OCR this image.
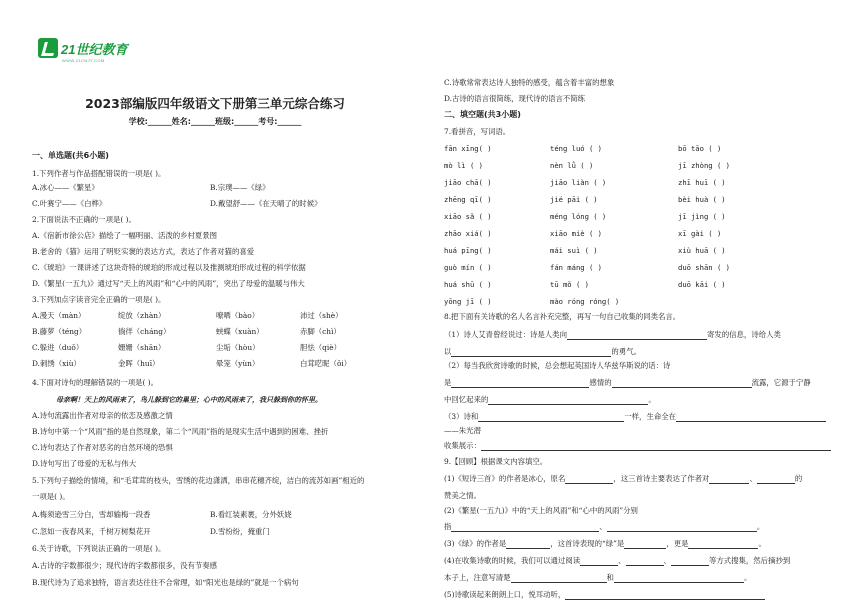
21世纪教育
WWW.21CNJY.COM
2023部编版四年级语文下册第三单元综合练习
学校:______姓名:______班级:______考号:______
一、单选题(共6小题)
1.下列作者与作品搭配错误的一项是( )。
A.冰心——《繁星》	B.宗璞——《绿》
C.叶赛宁——《白桦》	D.戴望舒——《在天晴了的时候》
2.下面说法不正确的一项是( )。
A.《宿新市徐公店》描绘了一幅明丽、活泼的乡村夏景图
B.老舍的《猫》运用了明贬实褒的表达方式，表达了作者对猫的喜爱
C.《琥珀》一课讲述了这块奇特的琥珀的形成过程以及推测琥珀形成过程的科学依据
D.《繁星(一五九)》通过写“天上的风雨”和“心中的风雨”，突出了母爱的温暖与伟大
3.下列加点字读音完全正确的一项是( )。
A.漫天（màn）	绽放（zhàn）	嘹哂（bào）	沛过（shè）
B.藤萝（téng）	徜徉（cháng）	蛱蝶（xuàn）	赤脚（chì）
C.躲进（duǒ）	姗姗（shān）	尘垢（hòu）	胆怯（qiè）
D.刺绣（xiù）	金晖（huī）	晕笼（yùn）	白茸呓昵（ǒi）
4.下面对诗句的理解错误的一项是( )。
母亲啊！天上的风雨来了，鸟儿躲到它的巢里；心中的风雨来了，我只躲到你的怀里。
A.诗句流露出作者对母亲的依恋及感激之情
B.诗句中第一个“风雨”指的是自然现象，第二个“风雨”指的是现实生活中遇到的困难、挫折
C.诗句表达了作者对恶劣的自然环境的恐惧
D.诗句写出了母爱的无私与伟大
5.下列句子描绘的情境，和“毛茸茸的枝头，雪绣的花边潇洒，串串花穗齐绽，洁白的流苏如画”相近的
一项是( )。
A.梅须逊雪三分白，雪却输梅一段香	B.看红装素裹，分外妖娆
C.忽如一夜春风来，千树万树梨花开	D.雪纷纷，掩重门
6.关于诗歌，下列说法正确的一项是( )。
A.古诗的字数都很少；现代诗的字数都很多，没有节奏感
B.现代诗为了追求独特，语言表达往往不合常理，如“阳光也是绿的”就是一个病句
C.诗歌常常表达诗人独特的感受，蕴含着丰富的想象
D.古诗的语言很简练，现代诗的语言不简练
二、填空题(共3小题)
7.看拼音，写词语。
fān xīng( )	téng luó ( )	bō tāo ( )
mò lì ( )	nèn lǜ ( )	jī zhòng ( )
jiāo chā( )	jiāo liàn ( )	zhī huī ( )
zhēng qī( )	jié pāi ( )	bèi huà ( )
xiāo sǎ ( )	méng lóng ( )	jī jìng ( )
zhāo xiá( )	xiāo miè ( )	xī gài ( )
huá pīng( )	mái suì ( )	xiù huā ( )
guò mín ( )	fán máng ( )	duō shān ( )
huá shū ( )	tū mǒ ( )	duō kāi ( )
yōng jī ( )	mào róng róng( )
8.把下面有关诗歌的名人名言补充完整，再写一句自己收集的同类名言。
（1）诗人艾青曾经说过：诗是人类向	寄发的信息，诗给人类
以	的勇气。
（2）每当我欣赏诗歌的时候，总会想起英国诗人华兹华斯说的话：诗
是	感情的	流露，它源于宁静
中回忆起来的	。
（3）诗和	一样，生命全在
——朱光潜
收集展示：
9.【回顾】根据课文内容填空。
(1)《短诗三首》的作者是冰心，原名	，这三首诗主要表达了作者对	、	的
赞美之情。
(2)《繁星(一五九)》中的“天上的风雨”和“心中的风雨”分别
指	、	。
(3)《绿》的作者是	，这首诗表现的“绿”是	，更是	。
(4)在收集诗歌的时候，我们可以通过阅读	、	、	等方式搜集，然后摘抄到
本子上，注意写清楚	和	。
(5)诗歌读起来朗朗上口，悦耳动听，
